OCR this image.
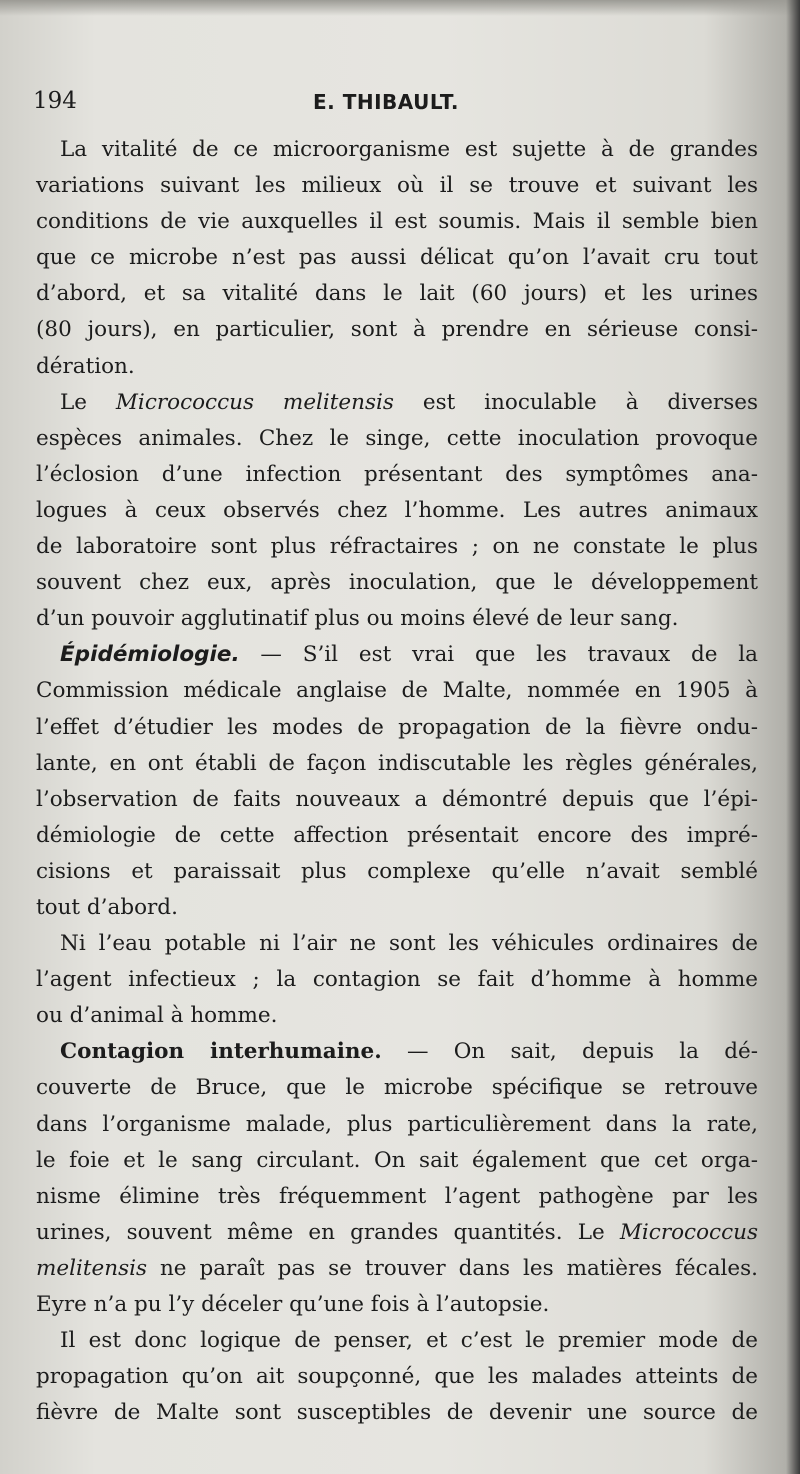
194	E. THIBAULT.
La vitalité de ce microorganisme est sujette à de grandes
variations suivant les milieux où il se trouve et suivant les
conditions de vie auxquelles il est soumis. Mais il semble bien
que ce microbe n’est pas aussi délicat qu’on l’avait cru tout
d’abord, et sa vitalité dans le lait (60 jours) et les urines
(80 jours), en particulier, sont à prendre en sérieuse consi-
dération.
Le Micrococcus melitensis est inoculable à diverses
espèces animales. Chez le singe, cette inoculation provoque
l’éclosion d’une infection présentant des symptômes ana-
logues à ceux observés chez l’homme. Les autres animaux
de laboratoire sont plus réfractaires ; on ne constate le plus
souvent chez eux, après inoculation, que le développement
d’un pouvoir agglutinatif plus ou moins élevé de leur sang.
Épidémiologie. — S’il est vrai que les travaux de la
Commission médicale anglaise de Malte, nommée en 1905 à
l’effet d’étudier les modes de propagation de la fièvre ondu-
lante, en ont établi de façon indiscutable les règles générales,
l’observation de faits nouveaux a démontré depuis que l’épi-
démiologie de cette affection présentait encore des impré-
cisions et paraissait plus complexe qu’elle n’avait semblé
tout d’abord.
Ni l’eau potable ni l’air ne sont les véhicules ordinaires de
l’agent infectieux ; la contagion se fait d’homme à homme
ou d’animal à homme.
Contagion interhumaine. — On sait, depuis la dé-
couverte de Bruce, que le microbe spécifique se retrouve
dans l’organisme malade, plus particulièrement dans la rate,
le foie et le sang circulant. On sait également que cet orga-
nisme élimine très fréquemment l’agent pathogène par les
urines, souvent même en grandes quantités. Le Micrococcus
melitensis ne paraît pas se trouver dans les matières fécales.
Eyre n’a pu l’y déceler qu’une fois à l’autopsie.
Il est donc logique de penser, et c’est le premier mode de
propagation qu’on ait soupçonné, que les malades atteints de
fièvre de Malte sont susceptibles de devenir une source de
